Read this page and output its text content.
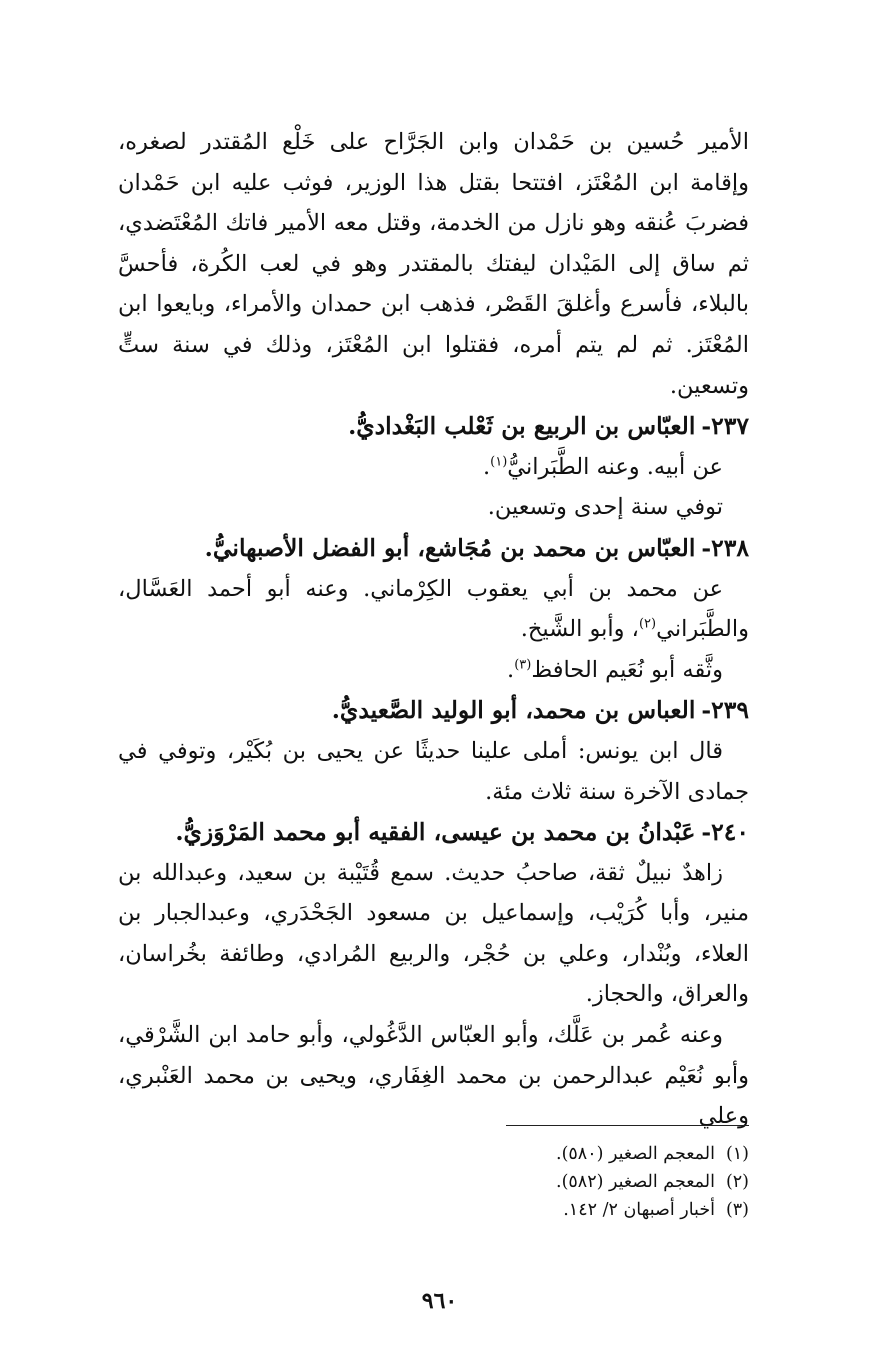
الأمير حُسين بن حَمْدان وابن الجَرَّاح على خَلْع المُقتدر لصغره، وإقامة ابن المُعْتَز، افتتحا بقتل هذا الوزير، فوثب عليه ابن حَمْدان فضربَ عُنقه وهو نازل من الخدمة، وقتل معه الأمير فاتك المُعْتَضدي، ثم ساق إلى المَيْدان ليفتك بالمقتدر وهو في لعب الكُرة، فأحسَّ بالبلاء، فأسرع وأغلقَ القَصْر، فذهب ابن حمدان والأمراء، وبايعوا ابن المُعْتَز. ثم لم يتم أمره، فقتلوا ابن المُعْتَز، وذلك في سنة ستٍّ وتسعين.

٢٣٧-العبّاس بن الربيع بن ثَعْلب البَغْداديُّ.

عن أبيه. وعنه الطَّبَرانيُّ$^{(١)}$.

توفي سنة إحدى وتسعين.

٢٣٨-العبّاس بن محمد بن مُجَاشع، أبو الفضل الأصبهانيُّ.

عن محمد بن أبي يعقوب الكِرْماني. وعنه أبو أحمد العَسَّال، والطَّبَراني$^{(٢)}$، وأبو الشَّيخ.

وثَّقه أبو نُعَيم الحافظ$^{(٣)}$.

٢٣٩-العباس بن محمد، أبو الوليد الصَّعيديُّ.

قال ابن يونس: أملى علينا حديثًا عن يحيى بن بُكَيْر، وتوفي في جمادى الآخرة سنة ثلاث مئة.

٢٤٠-عَبْدانُ بن محمد بن عيسى، الفقيه أبو محمد المَرْوَزيُّ.

زاهدٌ نبيلٌ ثقة، صاحبُ حديث. سمع قُتَيْبة بن سعيد، وعبدالله بن منير، وأبا كُرَيْب، وإسماعيل بن مسعود الجَحْدَري، وعبدالجبار بن العلاء، وبُنْدار، وعلي بن حُجْر، والربيع المُرادي، وطائفة بخُراسان، والعراق، والحجاز.

وعنه عُمر بن عَلَّك، وأبو العبّاس الدَّغُولي، وأبو حامد ابن الشَّرْقي، وأبو نُعَيْم عبدالرحمن بن محمد الغِفَاري، ويحيى بن محمد العَنْبري، وعلي

(١)المعجم الصغير (٥٨٠).
(٢)المعجم الصغير (٥٨٢).
(٣)أخبار أصبهان ٢/ ١٤٢.
٩٦٠
